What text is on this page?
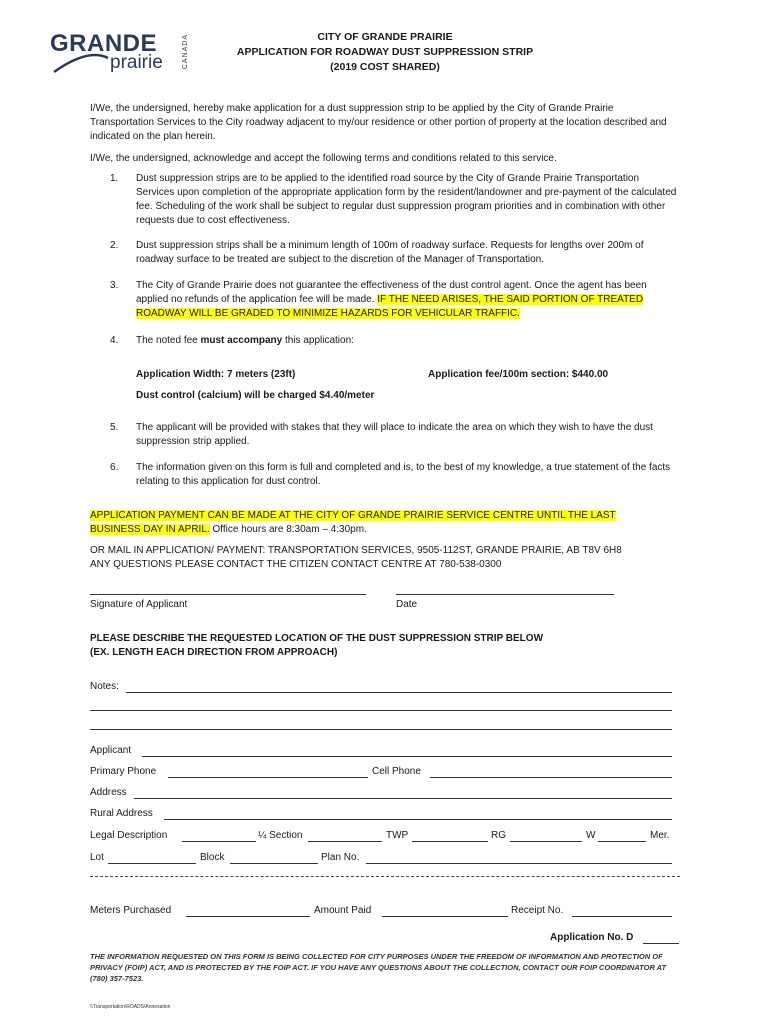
GRANDE
prairie	CANADA	CITY OF GRANDE PRAIRIE
APPLICATION FOR ROADWAY DUST SUPPRESSION STRIP
(2019 COST SHARED)
I/We, the undersigned, hereby make application for a dust suppression strip to be applied by the City of Grande Prairie Transportation Services to the City roadway adjacent to my/our residence or other portion of property at the location described and indicated on the plan herein.
I/We, the undersigned, acknowledge and accept the following terms and conditions related to this service.
1.	Dust suppression strips are to be applied to the identified road source by the City of Grande Prairie Transportation Services upon completion of the appropriate application form by the resident/landowner and pre-payment of the calculated fee. Scheduling of the work shall be subject to regular dust suppression program priorities and in combination with other requests due to cost effectiveness.
2.	Dust suppression strips shall be a minimum length of 100m of roadway surface. Requests for lengths over 200m of roadway surface to be treated are subject to the discretion of the Manager of Transportation.
3.	The City of Grande Prairie does not guarantee the effectiveness of the dust control agent. Once the agent has been applied no refunds of the application fee will be made. IF THE NEED ARISES, THE SAID PORTION OF TREATED ROADWAY WILL BE GRADED TO MINIMIZE HAZARDS FOR VEHICULAR TRAFFIC.
4.	The noted fee must accompany this application:
Application Width: 7 meters (23ft)	Application fee/100m section: $440.00
Dust control (calcium) will be charged $4.40/meter
5.	The applicant will be provided with stakes that they will place to indicate the area on which they wish to have the dust suppression strip applied.
6.	The information given on this form is full and completed and is, to the best of my knowledge, a true statement of the facts relating to this application for dust control.
APPLICATION PAYMENT CAN BE MADE AT THE CITY OF GRANDE PRAIRIE SERVICE CENTRE UNTIL THE LAST BUSINESS DAY IN APRIL. Office hours are 8:30am – 4:30pm.
OR MAIL IN APPLICATION/ PAYMENT: TRANSPORTATION SERVICES, 9505-112ST, GRANDE PRAIRIE, AB T8V 6H8
ANY QUESTIONS PLEASE CONTACT THE CITIZEN CONTACT CENTRE AT 780-538-0300
Signature of Applicant	Date
PLEASE DESCRIBE THE REQUESTED LOCATION OF THE DUST SUPPRESSION STRIP BELOW
(EX. LENGTH EACH DIRECTION FROM APPROACH)
Notes:
Applicant
Primary Phone	Cell Phone
Address
Rural Address
Legal Description	¼ Section	TWP	RG	W	Mer.
Lot	Block	Plan No.
Meters Purchased	Amount Paid	Receipt No.
Application No. D
THE INFORMATION REQUESTED ON THIS FORM IS BEING COLLECTED FOR CITY PURPOSES UNDER THE FREEDOM OF INFORMATION AND PROTECTION OF PRIVACY (FOIP) ACT, AND IS PROTECTED BY THE FOIP ACT. IF YOU HAVE ANY QUESTIONS ABOUT THE COLLECTION, CONTACT OUR FOIP COORDINATOR AT (780) 357-7523.
\\Transportation\ROADS\Annexation
